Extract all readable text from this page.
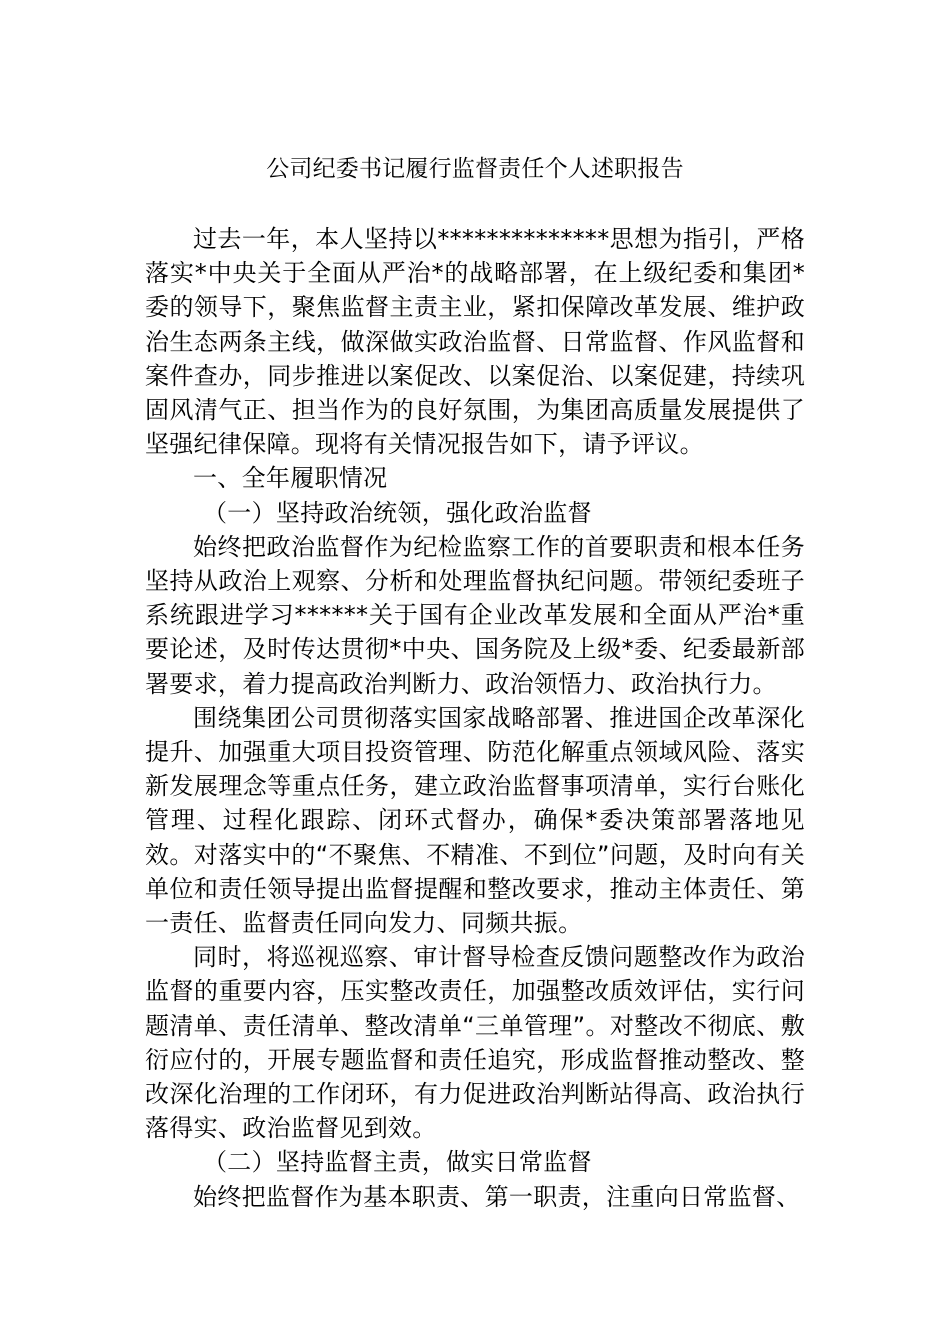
公司纪委书记履行监督责任个人述职报告

过去一年，本人坚持以**************思想为指引，严格落实*中央关于全面从严治*的战略部署，在上级纪委和集团*委的领导下，聚焦监督主责主业，紧扣保障改革发展、维护政治生态两条主线，做深做实政治监督、日常监督、作风监督和案件查办，同步推进以案促改、以案促治、以案促建，持续巩固风清气正、担当作为的良好氛围，为集团高质量发展提供了坚强纪律保障。现将有关情况报告如下，请予评议。

一、全年履职情况

（一）坚持政治统领，强化政治监督

始终把政治监督作为纪检监察工作的首要职责和根本任务坚持从政治上观察、分析和处理监督执纪问题。带领纪委班子系统跟进学习******关于国有企业改革发展和全面从严治*重要论述，及时传达贯彻*中央、国务院及上级*委、纪委最新部署要求，着力提高政治判断力、政治领悟力、政治执行力。

围绕集团公司贯彻落实国家战略部署、推进国企改革深化提升、加强重大项目投资管理、防范化解重点领域风险、落实新发展理念等重点任务，建立政治监督事项清单，实行台账化管理、过程化跟踪、闭环式督办，确保*委决策部署落地见效。对落实中的“不聚焦、不精准、不到位”问题，及时向有关单位和责任领导提出监督提醒和整改要求，推动主体责任、第一责任、监督责任同向发力、同频共振。

同时，将巡视巡察、审计督导检查反馈问题整改作为政治监督的重要内容，压实整改责任，加强整改质效评估，实行问题清单、责任清单、整改清单“三单管理”。对整改不彻底、敷衍应付的，开展专题监督和责任追究，形成监督推动整改、整改深化治理的工作闭环，有力促进政治判断站得高、政治执行落得实、政治监督见到效。

（二）坚持监督主责，做实日常监督

始终把监督作为基本职责、第一职责，注重向日常监督、
